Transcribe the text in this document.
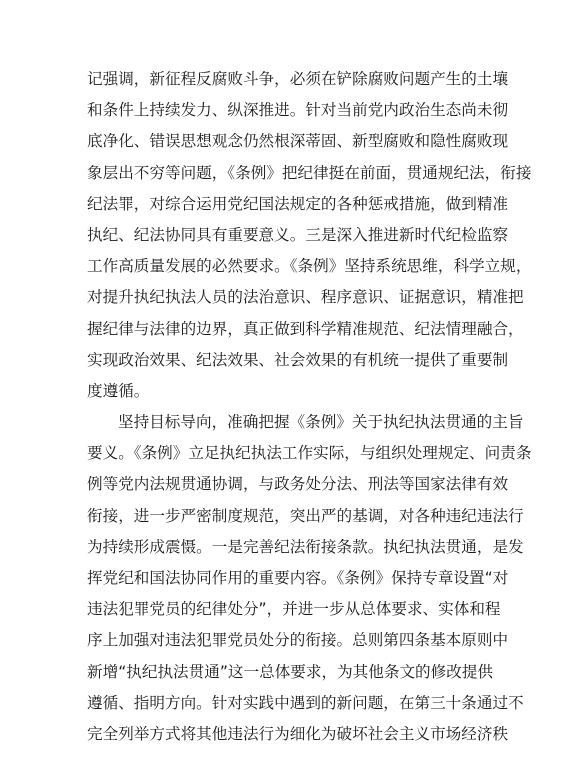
记强调，新征程反腐败斗争，必须在铲除腐败问题产生的土壤
和条件上持续发力、纵深推进。针对当前党内政治生态尚未彻
底净化、错误思想观念仍然根深蒂固、新型腐败和隐性腐败现
象层出不穷等问题，《条例》把纪律挺在前面，贯通规纪法，衔接
纪法罪，对综合运用党纪国法规定的各种惩戒措施，做到精准
执纪、纪法协同具有重要意义。三是深入推进新时代纪检监察
工作高质量发展的必然要求。《条例》坚持系统思维，科学立规，
对提升执纪执法人员的法治意识、程序意识、证据意识，精准把
握纪律与法律的边界，真正做到科学精准规范、纪法情理融合，
实现政治效果、纪法效果、社会效果的有机统一提供了重要制
度遵循。
坚持目标导向，准确把握《条例》关于执纪执法贯通的主旨
要义。《条例》立足执纪执法工作实际，与组织处理规定、问责条
例等党内法规贯通协调，与政务处分法、刑法等国家法律有效
衔接，进一步严密制度规范，突出严的基调，对各种违纪违法行
为持续形成震慑。一是完善纪法衔接条款。执纪执法贯通，是发
挥党纪和国法协同作用的重要内容。《条例》保持专章设置“对
违法犯罪党员的纪律处分”，并进一步从总体要求、实体和程
序上加强对违法犯罪党员处分的衔接。总则第四条基本原则中
新增“执纪执法贯通”这一总体要求，为其他条文的修改提供
遵循、指明方向。针对实践中遇到的新问题，在第三十条通过不
完全列举方式将其他违法行为细化为破坏社会主义市场经济秩
